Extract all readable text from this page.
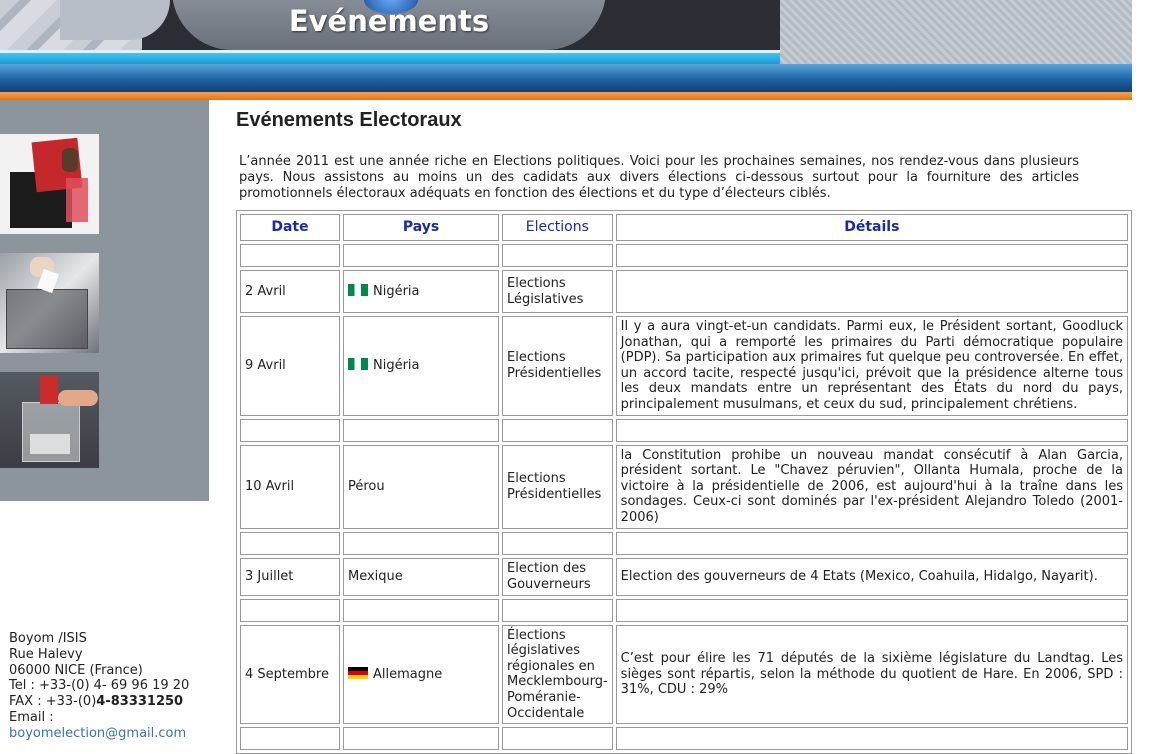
Evénements
Boyom /ISIS
Rue Halevy
06000 NICE (France)
Tel : +33-(0) 4- 69 96 19 20
FAX : +33-(0)4-83331250
Email :
boyomelection@gmail.com
Evénements Electoraux
L’année 2011 est une année riche en Elections politiques. Voici pour les prochaines semaines, nos rendez-vous dans plusieurs pays. Nous assistons au moins un des cadidats aux divers élections ci-dessous surtout pour la fourniture des articles promotionnels électoraux adéquats en fonction des élections et du type d’électeurs ciblés.
Date	Pays	Elections	Détails

2 Avril	Nigéria	Elections Législatives	
9 Avril	Nigéria	Elections Présidentielles	Il y a aura vingt-et-un candidats. Parmi eux, le Président sortant, Goodluck Jonathan, qui a remporté les primaires du Parti démocratique populaire (PDP). Sa participation aux primaires fut quelque peu controversée. En effet, un accord tacite, respecté jusqu'ici, prévoit que la présidence alterne tous les deux mandats entre un représentant des États du nord du pays, principalement musulmans, et ceux du sud, principalement chrétiens.

10 Avril	Pérou	Elections Présidentielles	la Constitution prohibe un nouveau mandat consécutif à Alan Garcia, président sortant. Le "Chavez péruvien", Ollanta Humala, proche de la victoire à la présidentielle de 2006, est aujourd'hui à la traîne dans les sondages. Ceux-ci sont dominés par l'ex-président Alejandro Toledo (2001-2006)

3 Juillet	Mexique	Election des Gouverneurs	Election des gouverneurs de 4 Etats (Mexico, Coahuila, Hidalgo, Nayarit).

4 Septembre	Allemagne	Élections législatives régionales en Mecklembourg-Poméranie-Occidentale	C’est pour élire les 71 députés de la sixième législature du Landtag. Les sièges sont répartis, selon la méthode du quotient de Hare. En 2006, SPD : 31%, CDU : 29%
